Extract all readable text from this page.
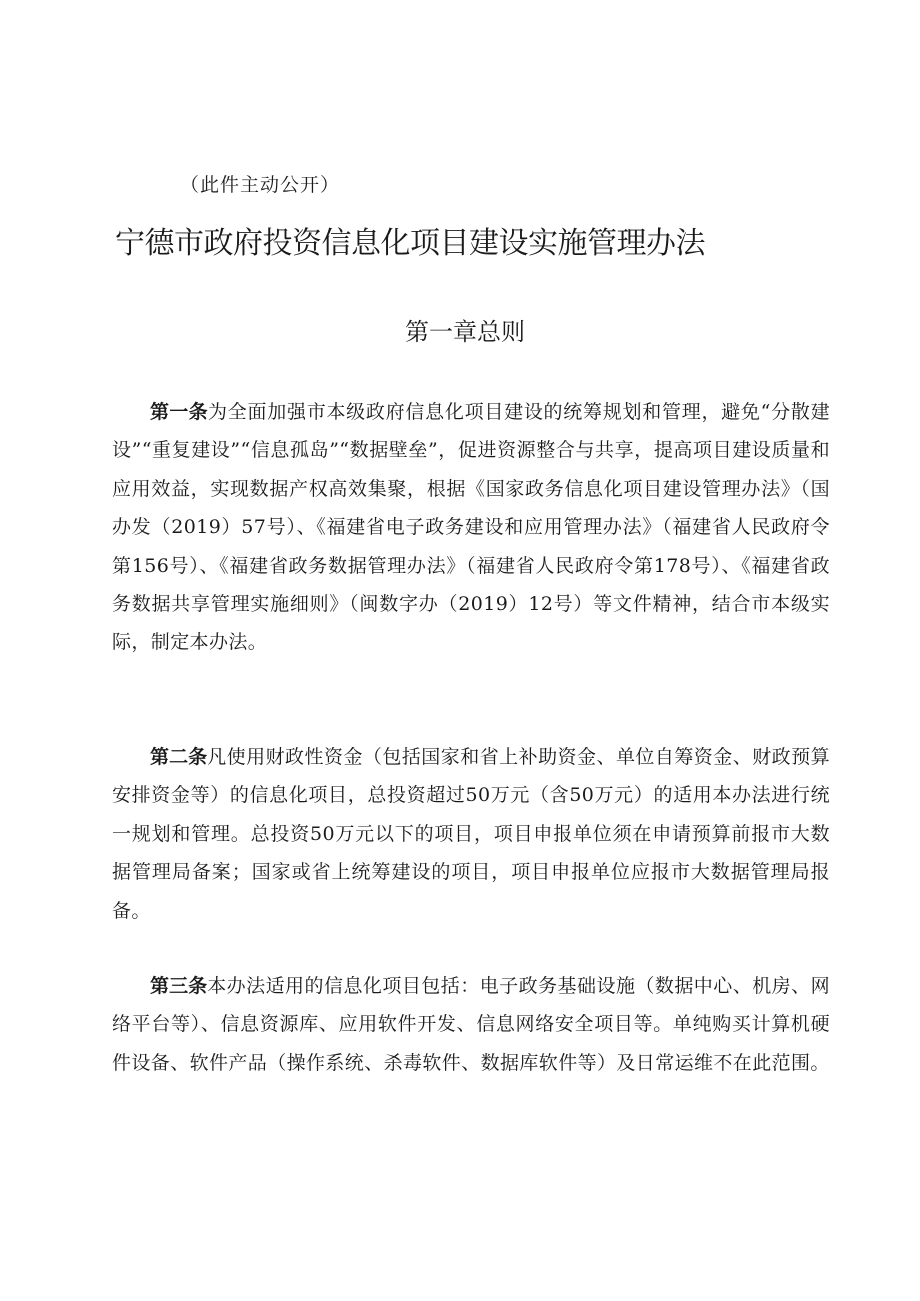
（此件主动公开）
宁德市政府投资信息化项目建设实施管理办法
第一章总则

第一条为全面加强市本级政府信息化项目建设的统筹规划和管理，避免“分散建设”“重复建设”“信息孤岛”“数据壁垒”，促进资源整合与共享，提高项目建设质量和应用效益，实现数据产权高效集聚，根据《国家政务信息化项目建设管理办法》（国办发（2019）57号）、《福建省电子政务建设和应用管理办法》（福建省人民政府令第156号）、《福建省政务数据管理办法》（福建省人民政府令第178号）、《福建省政务数据共享管理实施细则》（闽数字办（2019）12号）等文件精神，结合市本级实际，制定本办法。

第二条凡使用财政性资金（包括国家和省上补助资金、单位自筹资金、财政预算安排资金等）的信息化项目，总投资超过50万元（含50万元）的适用本办法进行统一规划和管理。总投资50万元以下的项目，项目申报单位须在申请预算前报市大数据管理局备案；国家或省上统筹建设的项目，项目申报单位应报市大数据管理局报备。

第三条本办法适用的信息化项目包括：电子政务基础设施（数据中心、机房、网络平台等）、信息资源库、应用软件开发、信息网络安全项目等。单纯购买计算机硬件设备、软件产品（操作系统、杀毒软件、数据库软件等）及日常运维不在此范围。
